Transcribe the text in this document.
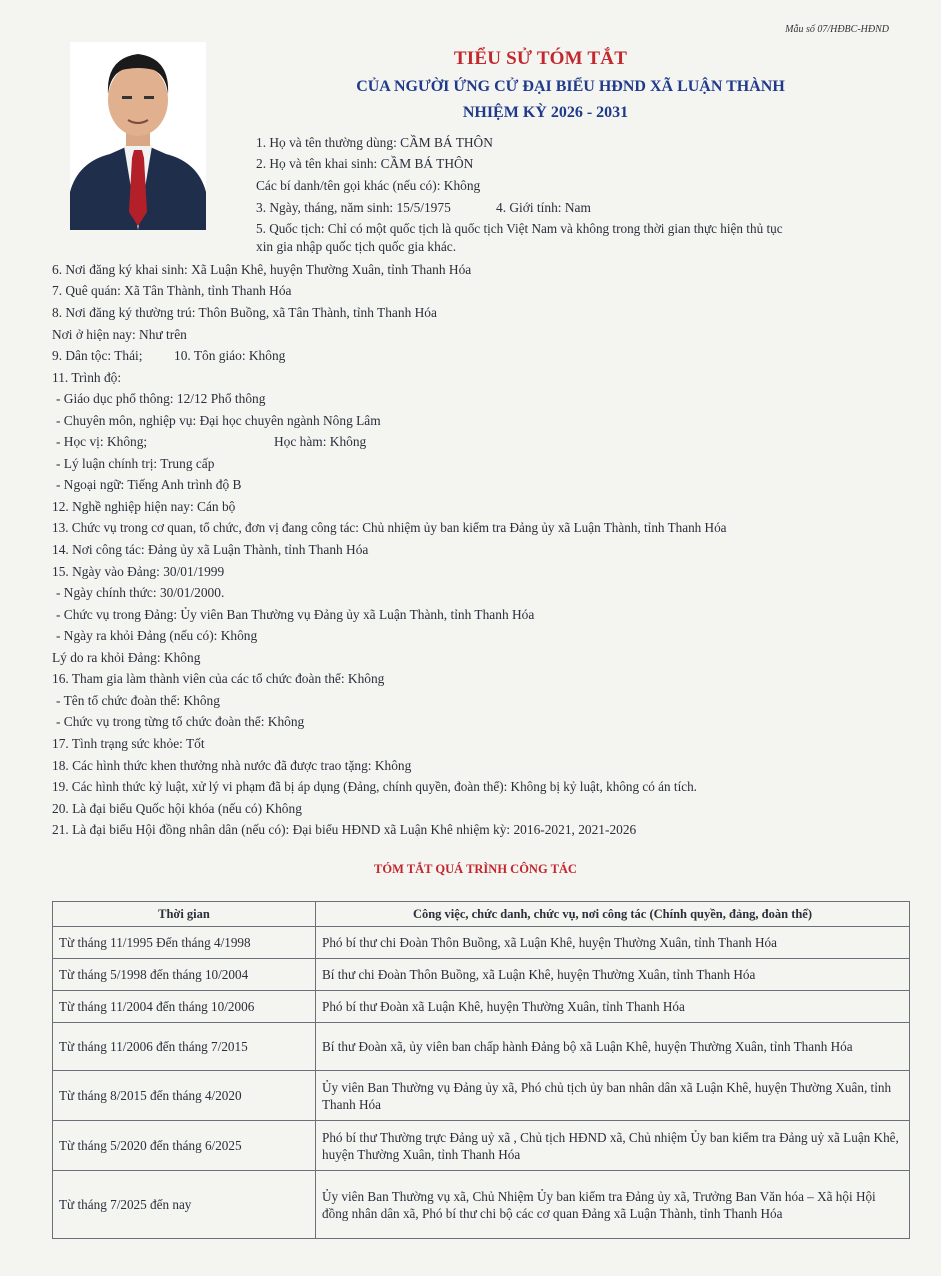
Mẫu số 07/HĐBC-HĐND
TIỂU SỬ TÓM TẮT
CỦA NGƯỜI ỨNG CỬ ĐẠI BIỂU HĐND XÃ LUẬN THÀNH
NHIỆM KỲ 2026 - 2031
1. Họ và tên thường dùng: CẦM BÁ THÔN
2. Họ và tên khai sinh: CẦM BÁ THÔN
Các bí danh/tên gọi khác (nếu có): Không
3. Ngày, tháng, năm sinh: 15/5/1975	4. Giới tính: Nam
5. Quốc tịch: Chỉ có một quốc tịch là quốc tịch Việt Nam và không trong thời gian thực hiện thủ tục
xin gia nhập quốc tịch quốc gia khác.
6. Nơi đăng ký khai sinh: Xã Luận Khê, huyện Thường Xuân, tỉnh Thanh Hóa
7. Quê quán: Xã Tân Thành, tỉnh Thanh Hóa
8. Nơi đăng ký thường trú: Thôn Buồng, xã Tân Thành, tỉnh Thanh Hóa
Nơi ở hiện nay: Như trên
9. Dân tộc: Thái; 10. Tôn giáo: Không
11. Trình độ:
- Giáo dục phổ thông: 12/12 Phổ thông
- Chuyên môn, nghiệp vụ: Đại học chuyên ngành Nông Lâm
- Học vị: Không;	Học hàm: Không
- Lý luận chính trị: Trung cấp
- Ngoại ngữ: Tiếng Anh trình độ B
12. Nghề nghiệp hiện nay: Cán bộ
13. Chức vụ trong cơ quan, tổ chức, đơn vị đang công tác: Chủ nhiệm ủy ban kiểm tra Đảng ủy xã Luận Thành, tỉnh Thanh Hóa
14. Nơi công tác: Đảng ủy xã Luận Thành, tỉnh Thanh Hóa
15. Ngày vào Đảng: 30/01/1999
- Ngày chính thức: 30/01/2000.
- Chức vụ trong Đảng: Ủy viên Ban Thường vụ Đảng ủy xã Luận Thành, tỉnh Thanh Hóa
- Ngày ra khỏi Đảng (nếu có): Không
Lý do ra khỏi Đảng: Không
16. Tham gia làm thành viên của các tổ chức đoàn thể: Không
- Tên tổ chức đoàn thể: Không
- Chức vụ trong từng tổ chức đoàn thể: Không
17. Tình trạng sức khỏe: Tốt
18. Các hình thức khen thưởng nhà nước đã được trao tặng: Không
19. Các hình thức kỷ luật, xử lý vi phạm đã bị áp dụng (Đảng, chính quyền, đoàn thể): Không bị kỷ luật, không có án tích.
20. Là đại biểu Quốc hội khóa (nếu có) Không
21. Là đại biểu Hội đồng nhân dân (nếu có): Đại biểu HĐND xã Luận Khê nhiệm kỳ: 2016-2021, 2021-2026
TÓM TẮT QUÁ TRÌNH CÔNG TÁC
Thời gian	Công việc, chức danh, chức vụ, nơi công tác (Chính quyền, đảng, đoàn thể)
Từ tháng 11/1995 Đến tháng 4/1998	Phó bí thư chi Đoàn Thôn Buồng, xã Luận Khê, huyện Thường Xuân, tỉnh Thanh Hóa
Từ tháng 5/1998 đến tháng 10/2004	Bí thư chi Đoàn Thôn Buồng, xã Luận Khê, huyện Thường Xuân, tỉnh Thanh Hóa
Từ tháng 11/2004 đến tháng 10/2006	Phó bí thư Đoàn xã Luận Khê, huyện Thường Xuân, tỉnh Thanh Hóa
Từ tháng 11/2006 đến tháng 7/2015	Bí thư Đoàn xã, ủy viên ban chấp hành Đảng bộ xã Luận Khê, huyện Thường Xuân, tỉnh Thanh Hóa
Từ tháng 8/2015 đến tháng 4/2020	Ủy viên Ban Thường vụ Đảng ủy xã, Phó chủ tịch ủy ban nhân dân xã Luận Khê, huyện Thường Xuân, tỉnh Thanh Hóa
Từ tháng 5/2020 đến tháng 6/2025	Phó bí thư Thường trực Đảng uỷ xã , Chủ tịch HĐND xã, Chủ nhiệm Ủy ban kiểm tra Đảng uỷ xã Luận Khê, huyện Thường Xuân, tỉnh Thanh Hóa
Từ tháng 7/2025 đến nay	Ủy viên Ban Thường vụ xã, Chủ Nhiệm Ủy ban kiểm tra Đảng ủy xã, Trưởng Ban Văn hóa – Xã hội Hội đồng nhân dân xã, Phó bí thư chi bộ các cơ quan Đảng xã Luận Thành, tỉnh Thanh Hóa
